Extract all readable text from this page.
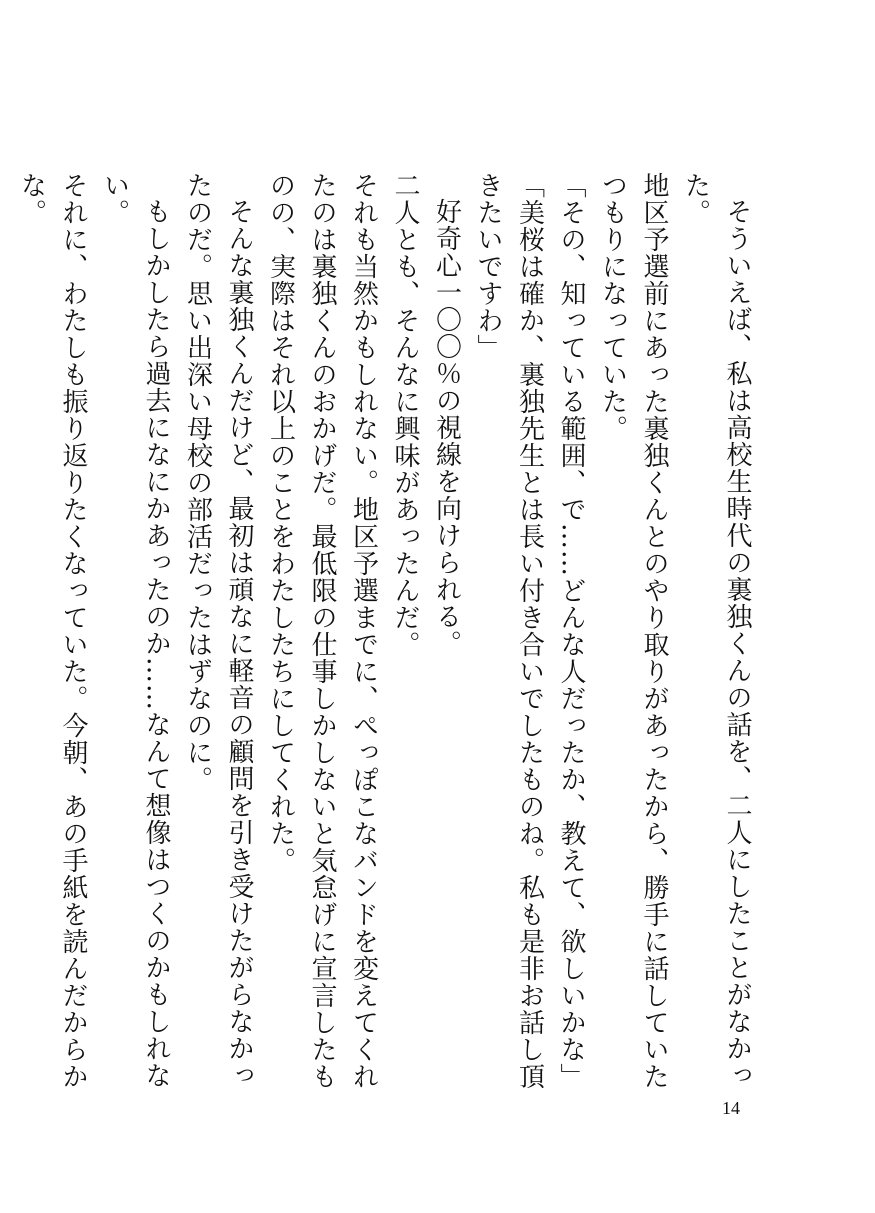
そういえば、私は高校生時代の裏独くんの話を、二人にしたことがなかった。

地区予選前にあった裏独くんとのやり取りがあったから、勝手に話していたつもりになっていた。

「その、知っている範囲、で……どんな人だったか、教えて、欲しいかな」

「美桜は確か、裏独先生とは長い付き合いでしたものね。私も是非お話し頂きたいですわ」

好奇心一〇〇％の視線を向けられる。

二人とも、そんなに興味があったんだ。

それも当然かもしれない。地区予選までに、ぺっぽこなバンドを変えてくれたのは裏独くんのおかげだ。最低限の仕事しかしないと気怠げに宣言したものの、実際はそれ以上のことをわたしたちにしてくれた。

そんな裏独くんだけど、最初は頑なに軽音の顧問を引き受けたがらなかったのだ。思い出深い母校の部活だったはずなのに。

もしかしたら過去になにかあったのか……なんて想像はつくのかもしれない。

それに、わたしも振り返りたくなっていた。今朝、あの手紙を読んだからかな。

14
